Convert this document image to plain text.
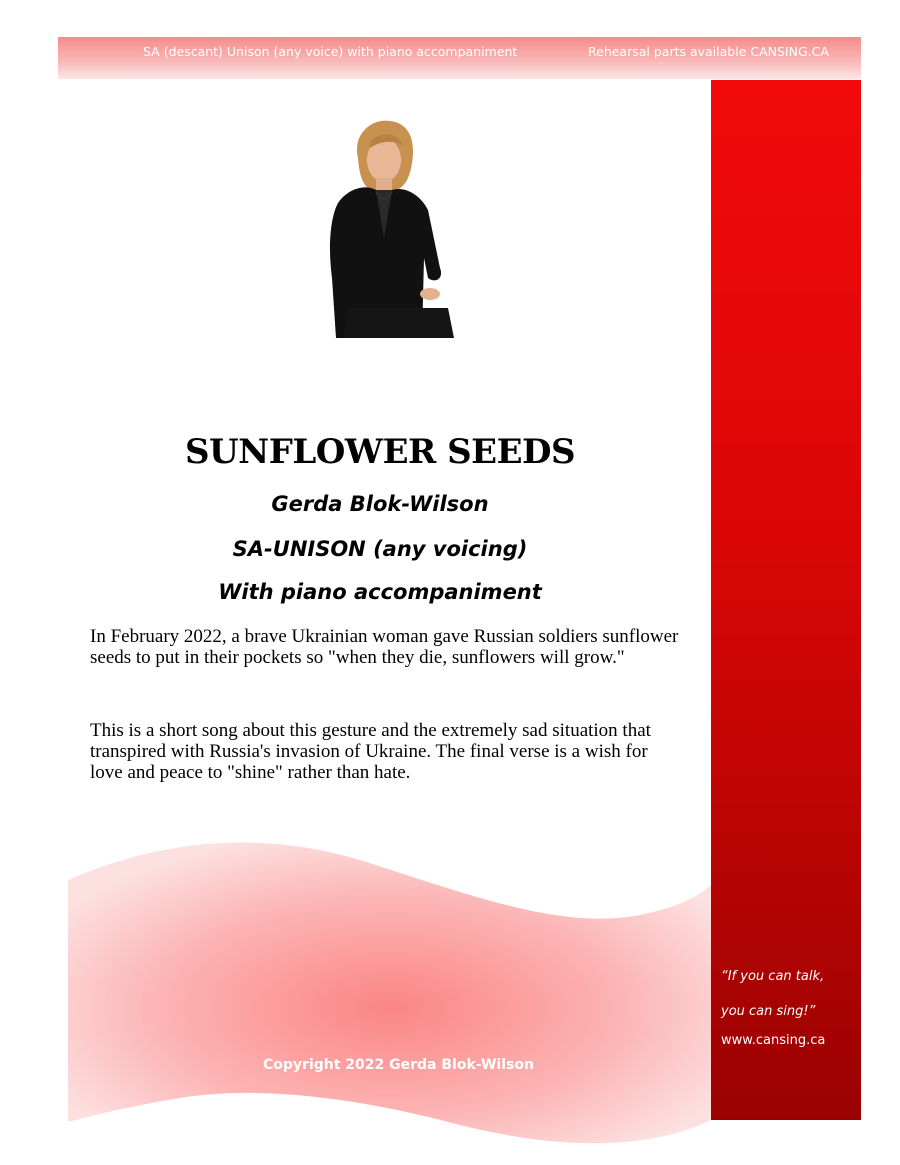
SA (descant) Unison (any voice) with piano accompaniment	Rehearsal parts available CANSING.CA
“If you can talk,
you can sing!”
www.cansing.ca
SUNFLOWER SEEDS
Gerda Blok-Wilson
SA-UNISON (any voicing)
With piano accompaniment

In February 2022, a brave Ukrainian woman gave Russian soldiers sunflower seeds to put in their pockets so "when they die, sunflowers will grow."

This is a short song about this gesture and the extremely sad situation that transpired with Russia's invasion of Ukraine. The final verse is a wish for love and peace to "shine" rather than hate.

Copyright 2022 Gerda Blok-Wilson
